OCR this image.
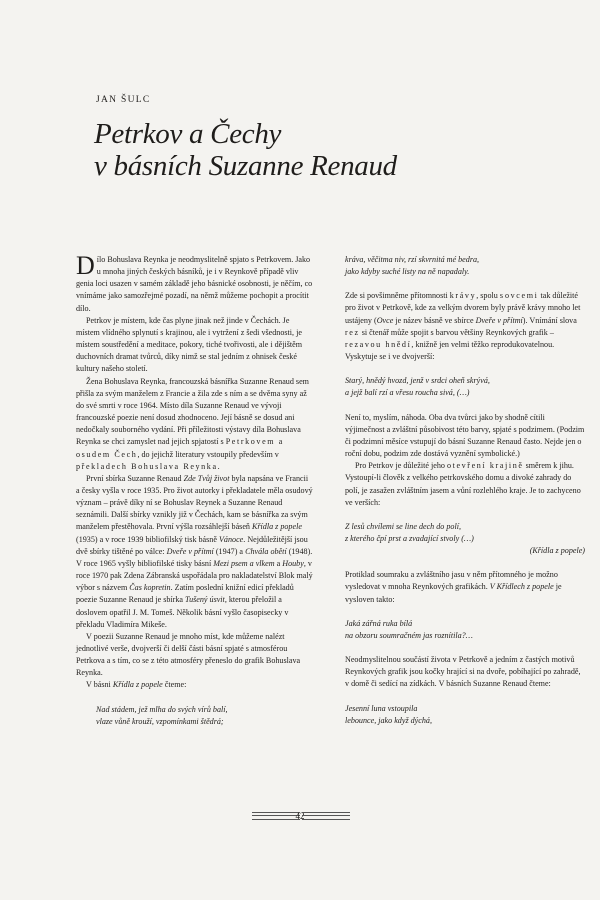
JAN ŠULC
Petrkov a Čechy
v básních Suzanne Renaud

Dílo Bohuslava Reynka je neodmyslitelně spjato s Petrkovem. Jako u mnoha jiných českých básníků, je i v Reynkově případě vliv genia loci usazen v samém základě jeho básnické osobnosti, je něčím, co vnímáme jako samozřejmé pozadí, na němž můžeme pochopit a procítit dílo.

Petrkov je místem, kde čas plyne jinak než jinde v Čechách. Je místem vlídného splynutí s krajinou, ale i vytržení z šedi všednosti, je místem soustředění a meditace, pokory, tiché tvořivosti, ale i dějištěm duchovních dramat tvůrců, díky nimž se stal jedním z ohnisek české kultury našeho století.

Žena Bohuslava Reynka, francouzská básnířka Suzanne Renaud sem přišla za svým manželem z Francie a žila zde s ním a se dvěma syny až do své smrti v roce 1964. Místo díla Suzanne Renaud ve vývoji francouzské poezie není dosud zhodnoceno. Její básně se dosud ani nedočkaly souborného vydání. Při příležitosti výstavy díla Bohuslava Reynka se chci zamyslet nad jejich spjatostí s Petrkovem a osudem Čech, do jejichž literatury vstoupily především v překladech Bohuslava Reynka.

První sbírka Suzanne Renaud Zde Tvůj život byla napsána ve Francii a česky vyšla v roce 1935. Pro život autorky i překladatele měla osudový význam – právě díky ní se Bohuslav Reynek a Suzanne Renaud seznámili. Další sbírky vznikly již v Čechách, kam se básnířka za svým manželem přestěhovala. První výšla rozsáhlejší báseň Křídla z popele (1935) a v roce 1939 bibliofilský tisk básně Vánoce. Nejdůležitější jsou dvě sbírky tištěné po válce: Dveře v přítmí (1947) a Chvála obětí (1948). V roce 1965 vyšly bibliofilské tisky básní Mezi psem a vlkem a Houby, v roce 1970 pak Zdena Zábranská uspořádala pro nakladatelství Blok malý výbor s názvem Čas kopretin. Zatím poslední knižní edicí překladů poezie Suzanne Renaud je sbírka Tušený úsvit, kterou přeložil a doslovem opatřil J. M. Tomeš. Několik básní vyšlo časopisecky v překladu Vladimíra Mikeše.

V poezii Suzanne Renaud je mnoho míst, kde můžeme nalézt jednotlivé verše, dvojverší či delší části básní spjaté s atmosférou Petrkova a s tím, co se z této atmosféry přeneslo do grafik Bohuslava Reynka.

V básni Křídla z popele čteme:

Nad stádem, jež mlha do svých vírů balí,

vlaze vůně krouží, vzpomínkami štědrá;

kráva, věčitma niv, rzí skvrnitá mé bedra,

jako kdyby suché listy na ně napadaly.

Zde si povšimněme přítomnosti krávy, spolu s ovcemi tak důležité pro život v Petrkově, kde za velkým dvorem byly právě krávy mnoho let ustájeny (Ovce je název básně ve sbírce Dveře v přítmí). Vnímání slova rez si čtenář může spojit s barvou většiny Reynkových grafik – rezavou hnědí, knižně jen velmi těžko reprodukovatelnou. Vyskytuje se i ve dvojverší:

Starý, hnědý hvozd, jenž v srdci oheň skrývá,

a jejž balí rzí a vřesu roucha sivá, (…)

Není to, myslím, náhoda. Oba dva tvůrci jako by shodně cítili výjimečnost a zvláštní působivost této barvy, spjaté s podzimem. (Podzim či podzimní měsíce vstupují do básní Suzanne Renaud často. Nejde jen o roční dobu, podzim zde dostává vyznění symbolické.)

Pro Petrkov je důležité jeho otevření krajině směrem k jihu. Vystoupí-li člověk z velkého petrkovského domu a divoké zahrady do polí, je zasažen zvláštním jasem a vůní rozlehlého kraje. Je to zachyceno ve verších:

Z lesů chvílemi se line dech do polí,

z kterého čpí prst a zvadající stvoly (…)

(Křídla z popele)

Protiklad soumraku a zvláštního jasu v něm přítomného je možno vysledovat v mnoha Reynkových grafikách. V Křídlech z popele je vysloven takto:

Jaká zářná ruka bílá

na obzoru soumračném jas roznítila?…

Neodmyslitelnou součástí života v Petrkově a jedním z častých motivů Reynkových grafik jsou kočky hrající si na dvoře, pobíhající po zahradě, v domě či sedící na zídkách. V básních Suzanne Renaud čteme:

Jesenní luna vstoupila

lebounce, jako když dýchá,

42
